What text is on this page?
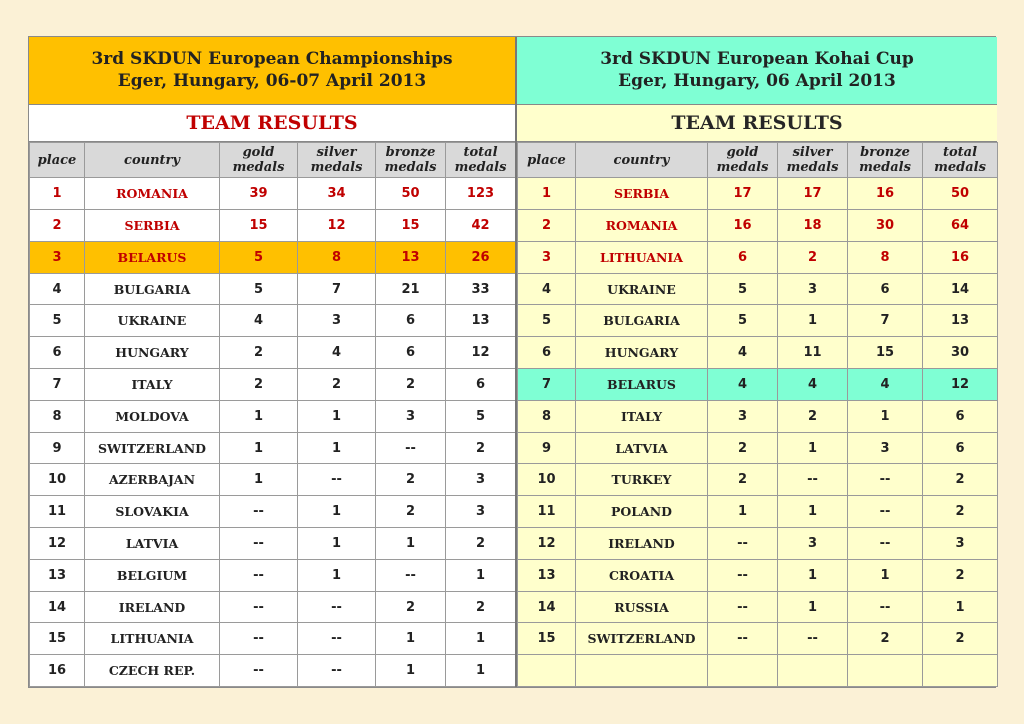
3rd SKDUN European Championships
Eger, Hungary, 06-07 April 2013
TEAM RESULTS
place	country	gold medals	silver medals	bronze medals	total medals
1	ROMANIA	39	34	50	123
2	SERBIA	15	12	15	42
3	BELARUS	5	8	13	26
4	BULGARIA	5	7	21	33
5	UKRAINE	4	3	6	13
6	HUNGARY	2	4	6	12
7	ITALY	2	2	2	6
8	MOLDOVA	1	1	3	5
9	SWITZERLAND	1	1	--	2
10	AZERBAJAN	1	--	2	3
11	SLOVAKIA	--	1	2	3
12	LATVIA	--	1	1	2
13	BELGIUM	--	1	--	1
14	IRELAND	--	--	2	2
15	LITHUANIA	--	--	1	1
16	CZECH REP.	--	--	1	1
3rd SKDUN European Kohai Cup
Eger, Hungary, 06 April 2013
TEAM RESULTS
place	country	gold medals	silver medals	bronze medals	total medals
1	SERBIA	17	17	16	50
2	ROMANIA	16	18	30	64
3	LITHUANIA	6	2	8	16
4	UKRAINE	5	3	6	14
5	BULGARIA	5	1	7	13
6	HUNGARY	4	11	15	30
7	BELARUS	4	4	4	12
8	ITALY	3	2	1	6
9	LATVIA	2	1	3	6
10	TURKEY	2	--	--	2
11	POLAND	1	1	--	2
12	IRELAND	--	3	--	3
13	CROATIA	--	1	1	2
14	RUSSIA	--	1	--	1
15	SWITZERLAND	--	--	2	2
